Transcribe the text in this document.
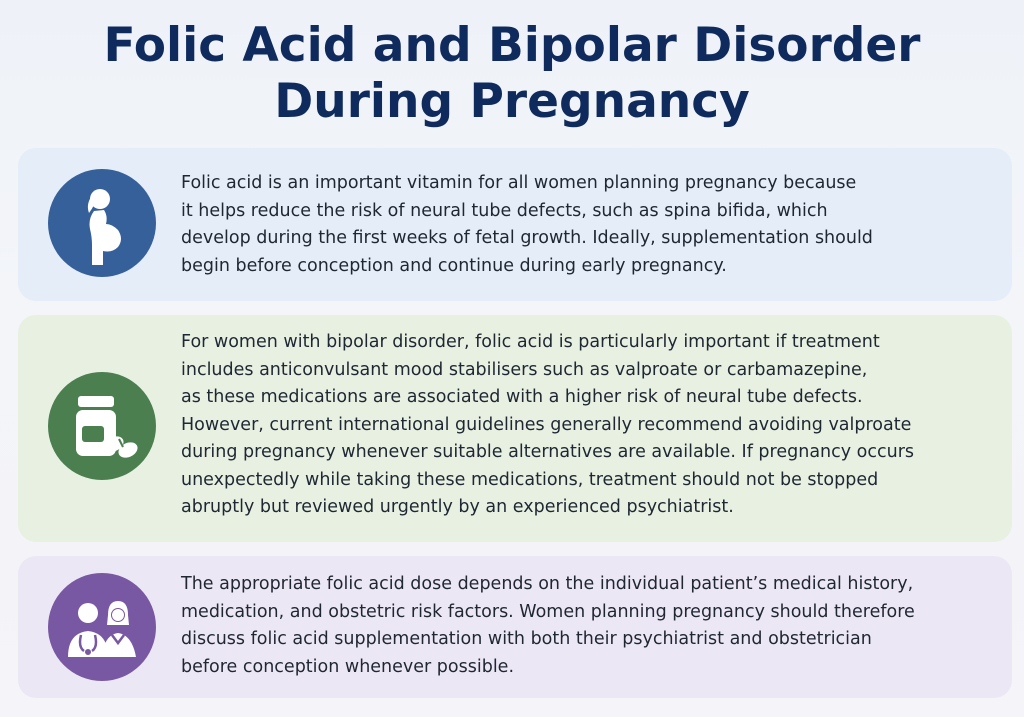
Folic Acid and Bipolar Disorder
During Pregnancy

Folic acid is an important vitamin for all women planning pregnancy because
it helps reduce the risk of neural tube defects, such as spina bifida, which
develop during the first weeks of fetal growth. Ideally, supplementation should
begin before conception and continue during early pregnancy.

For women with bipolar disorder, folic acid is particularly important if treatment
includes anticonvulsant mood stabilisers such as valproate or carbamazepine,
as these medications are associated with a higher risk of neural tube defects.
However, current international guidelines generally recommend avoiding valproate
during pregnancy whenever suitable alternatives are available. If pregnancy occurs
unexpectedly while taking these medications, treatment should not be stopped
abruptly but reviewed urgently by an experienced psychiatrist.

The appropriate folic acid dose depends on the individual patient’s medical history,
medication, and obstetric risk factors. Women planning pregnancy should therefore
discuss folic acid supplementation with both their psychiatrist and obstetrician
before conception whenever possible.
